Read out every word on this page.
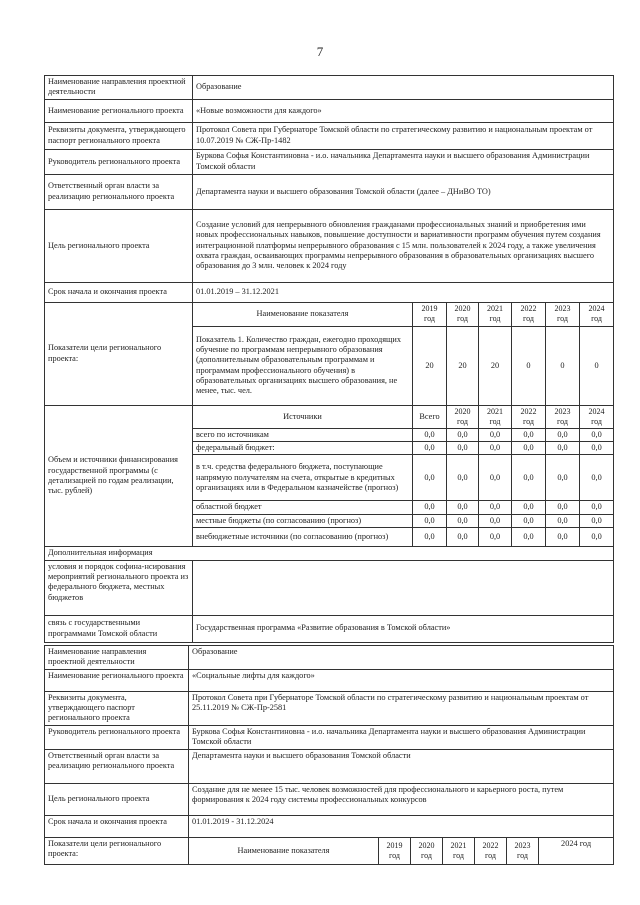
7
Наименование направления проектной деятельности	Образование						
Наименование регионального проекта	«Новые возможности для каждого»						
Реквизиты документа, утверждающего паспорт регионального проекта	Протокол Совета при Губернаторе Томской области по стратегическому развитию и национальным проектам от 10.07.2019 № СЖ-Пр-1482						
Руководитель регионального проекта	Буркова Софья Константиновна - и.о. начальника Департамента науки и высшего образования Администрации Томской области						
Ответственный орган власти за реализацию регионального проекта	Департамента науки и высшего образования Томской области (далее – ДНиВО ТО)						
Цель регионального проекта	Создание условий для непрерывного обновления гражданами профессиональных знаний и приобретения ими новых профессиональных навыков, повышение доступности и вариативности программ обучения путем создания интеграционной платформы непрерывного образования с 15 млн. пользователей к 2024 году, а также увеличения охвата граждан, осваивающих программы непрерывного образования в образовательных организациях высшего образования до 3 млн. человек к 2024 году						
Срок начала и окончания проекта	01.01.2019 – 31.12.2021						
Показатели цели регионального проекта:	Наименование показателя	2019
год	2020
год	2021
год	2022
год	2023
год	2024
год

	Показатель 1. Количество граждан, ежегодно проходящих обучение по программам непрерывного образования (дополнительным образовательным программам и программам профессионального обучения) в образовательных организациях высшего образования, не менее, тыс. чел.	20	20	20	0	0	0
Объем и источники финансирования государственной программы (с детализацией по годам реализации, тыс. рублей)	Источники	Всего	2020
год	2021
год	2022
год	2023
год	2024
год

	всего по источникам	0,0	0,0	0,0	0,0	0,0	0,0
	федеральный бюджет:	0,0	0,0	0,0	0,0	0,0	0,0
	в т.ч. средства федерального бюджета, поступающие напрямую получателям на счета, открытые в кредитных организациях или в Федеральном казначействе (прогноз)	0,0	0,0	0,0	0,0	0,0	0,0
	областной бюджет	0,0	0,0	0,0	0,0	0,0	0,0
	местные бюджеты (по согласованию (прогноз)	0,0	0,0	0,0	0,0	0,0	0,0
	внебюджетные источники (по согласованию (прогноз)	0,0	0,0	0,0	0,0	0,0	0,0
Дополнительная информация							
условия и порядок софина-нсирования мероприятий регионального проекта из федерального бюджета, местных бюджетов							
связь с государственными программами Томской области	Государственная программа «Развитие образования в Томской области»						
Наименование направления проектной деятельности	Образование						
Наименование регионального проекта	«Социальные лифты для каждого»						
Реквизиты документа, утверждающего паспорт регионального проекта	Протокол Совета при Губернаторе Томской области по стратегическому развитию и национальным проектам от 25.11.2019 № СЖ-Пр-2581						
Руководитель регионального проекта	Буркова Софья Константиновна - и.о. начальника Департамента науки и высшего образования Администрации Томской области						
Ответственный орган власти за реализацию регионального проекта	Департамента науки и высшего образования Томской области						
Цель регионального проекта	Создание для не менее 15 тыс. человек возможностей для профессионального и карьерного роста, путем формирования к 2024 году системы профессиональных конкурсов						
Срок начала и окончания проекта	01.01.2019 - 31.12.2024						
Показатели цели регионального проекта:	Наименование показателя	2019
год	2020
год	2021
год	2022
год	2023
год	2024 год
